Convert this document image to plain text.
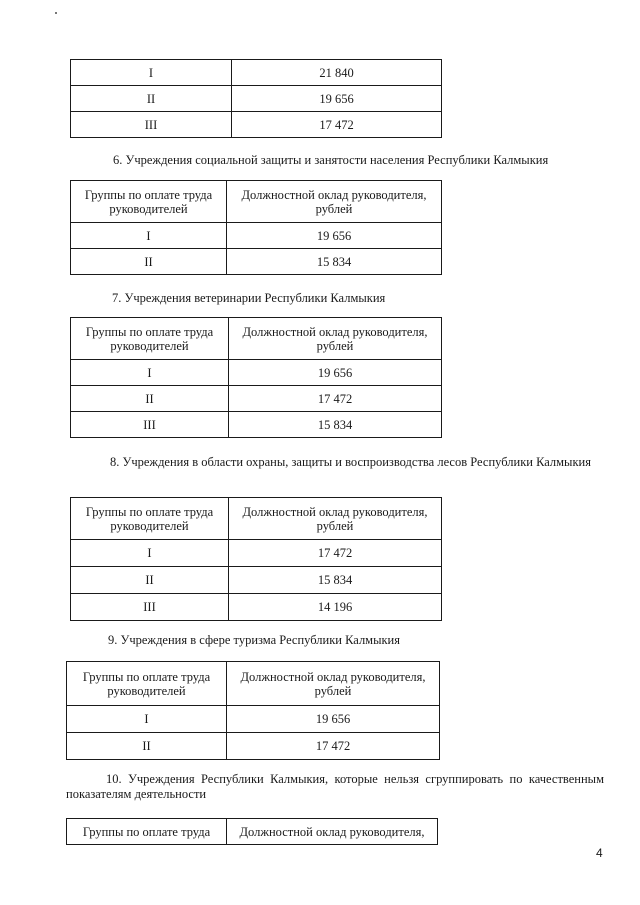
I	21 840
II	19 656
III	17 472
6. Учреждения социальной защиты и занятости населения Республики Калмыкия
Группы по оплате труда руководителей	Должностной оклад руководителя, рублей
I	19 656
II	15 834
7. Учреждения ветеринарии Республики Калмыкия
Группы по оплате труда руководителей	Должностной оклад руководителя, рублей
I	19 656
II	17 472
III	15 834
8. Учреждения в области охраны, защиты и воспроизводства лесов Республики Калмыкия
Группы по оплате труда руководителей	Должностной оклад руководителя, рублей
I	17 472
II	15 834
III	14 196
9. Учреждения в сфере туризма Республики Калмыкия
Группы по оплате труда руководителей	Должностной оклад руководителя, рублей
I	19 656
II	17 472
10. Учреждения Республики Калмыкия, которые нельзя сгруппировать по качественным показателям деятельности
Группы по оплате труда	Должностной оклад руководителя,
4
